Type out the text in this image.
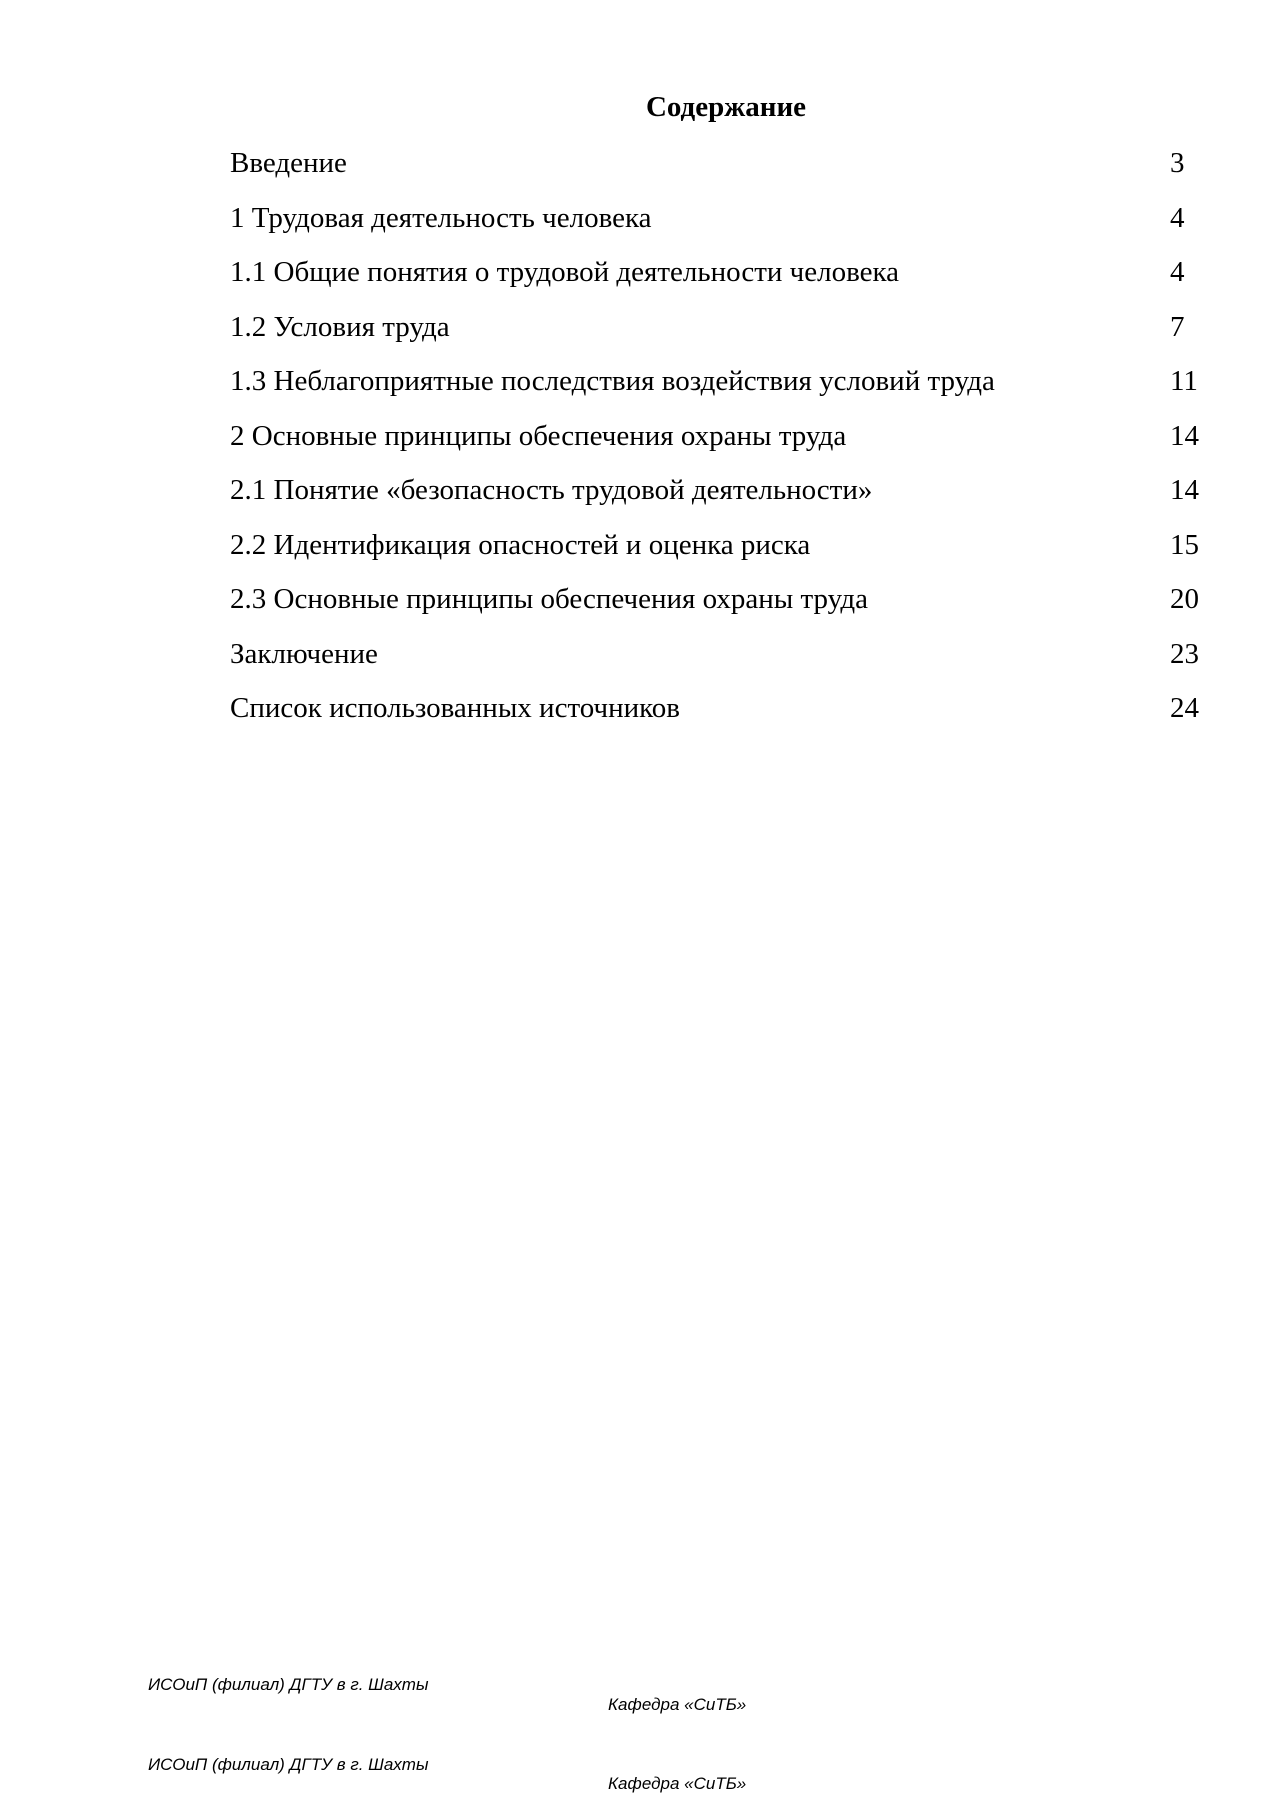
Содержание
Введение	3
1 Трудовая деятельность человека	4
1.1 Общие понятия о трудовой деятельности человека	4
1.2 Условия труда	7
1.3 Неблагоприятные последствия воздействия условий труда	11
2 Основные принципы обеспечения охраны труда	14
2.1 Понятие «безопасность трудовой деятельности»	14
2.2 Идентификация опасностей и оценка риска	15
2.3 Основные принципы обеспечения охраны труда	20
Заключение	23
Список использованных источников	24
ИСОиП (филиал) ДГТУ в г. Шахты
Кафедра «СиТБ»
ИСОиП (филиал) ДГТУ в г. Шахты
Кафедра «СиТБ»
